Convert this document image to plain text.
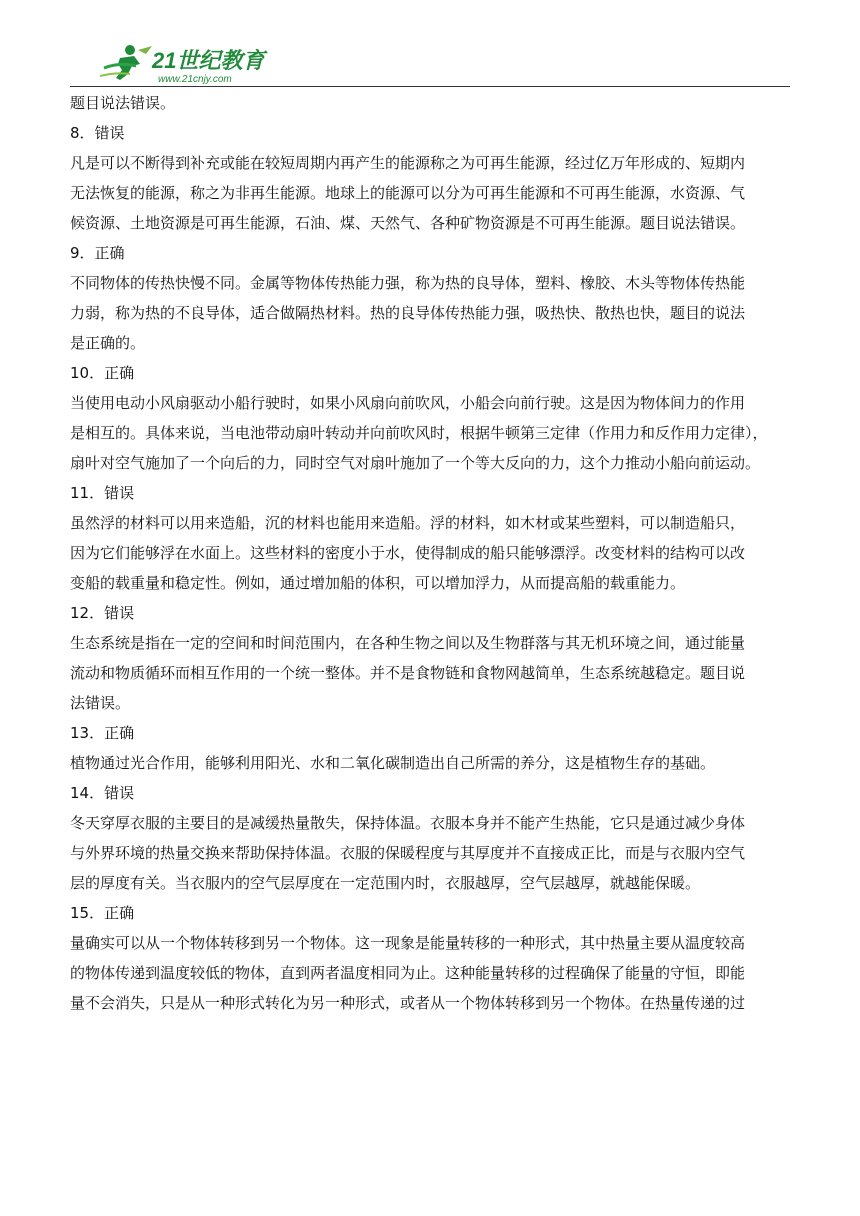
21世纪教育
www.21cnjy.com

题目说法错误。

8．错误

凡是可以不断得到补充或能在较短周期内再产生的能源称之为可再生能源，经过亿万年形成的、短期内

无法恢复的能源，称之为非再生能源。地球上的能源可以分为可再生能源和不可再生能源，水资源、气

候资源、土地资源是可再生能源，石油、煤、天然气、各种矿物资源是不可再生能源。题目说法错误。

9．正确

不同物体的传热快慢不同。金属等物体传热能力强，称为热的良导体，塑料、橡胶、木头等物体传热能

力弱，称为热的不良导体，适合做隔热材料。热的良导体传热能力强，吸热快、散热也快，题目的说法

是正确的。

10．正确

当使用电动小风扇驱动小船行驶时，如果小风扇向前吹风，小船会向前行驶。这是因为物体间力的作用

是相互的。具体来说，当电池带动扇叶转动并向前吹风时，根据牛顿第三定律（作用力和反作用力定律），

扇叶对空气施加了一个向后的力，同时空气对扇叶施加了一个等大反向的力，这个力推动小船向前运动。

11．错误

虽然浮的材料可以用来造船，沉的材料也能用来造船。浮的材料，如木材或某些塑料，可以制造船只，

因为它们能够浮在水面上。这些材料的密度小于水，使得制成的船只能够漂浮。改变材料的结构可以改

变船的载重量和稳定性。例如，通过增加船的体积，可以增加浮力，从而提高船的载重能力。

12．错误

生态系统是指在一定的空间和时间范围内，在各种生物之间以及生物群落与其无机环境之间，通过能量

流动和物质循环而相互作用的一个统一整体。并不是食物链和食物网越简单，生态系统越稳定。题目说

法错误。

13．正确

植物通过光合作用，能够利用阳光、水和二氧化碳制造出自己所需的养分，这是植物生存的基础。

14．错误

冬天穿厚衣服的主要目的是减缓热量散失，保持体温。衣服本身并不能产生热能，它只是通过减少身体

与外界环境的热量交换来帮助保持体温。衣服的保暖程度与其厚度并不直接成正比，而是与衣服内空气

层的厚度有关。当衣服内的空气层厚度在一定范围内时，衣服越厚，空气层越厚，就越能保暖。

15．正确

量确实可以从一个物体转移到另一个物体。这一现象是能量转移的一种形式，其中热量主要从温度较高

的物体传递到温度较低的物体，直到两者温度相同为止。这种能量转移的过程确保了能量的守恒，即能

量不会消失，只是从一种形式转化为另一种形式，或者从一个物体转移到另一个物体。在热量传递的过
